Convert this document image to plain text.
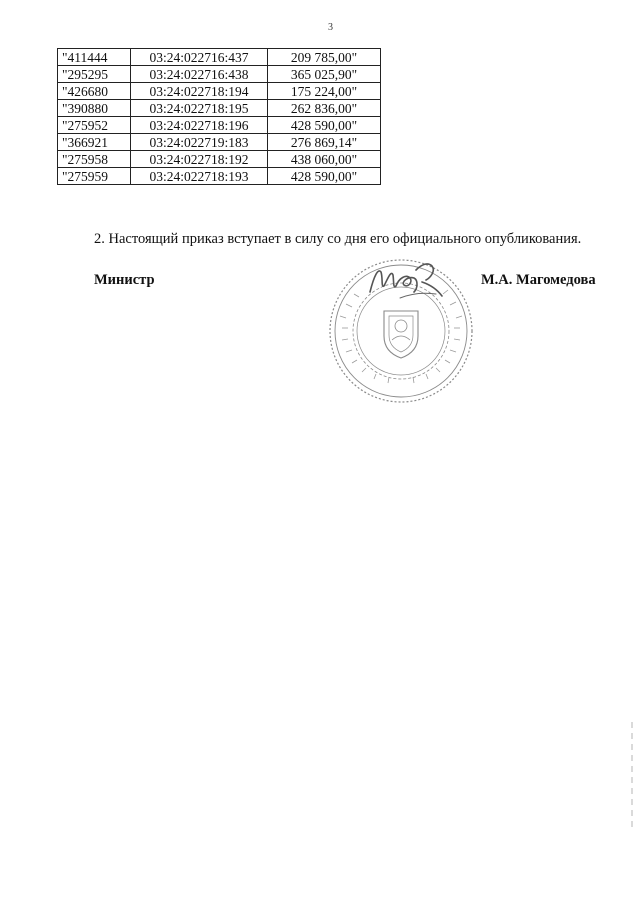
3
"411444	03:24:022716:437	209 785,00"
"295295	03:24:022716:438	365 025,90"
"426680	03:24:022718:194	175 224,00"
"390880	03:24:022718:195	262 836,00"
"275952	03:24:022718:196	428 590,00"
"366921	03:24:022719:183	276 869,14"
"275958	03:24:022718:192	438 060,00"
"275959	03:24:022718:193	428 590,00"
2. Настоящий приказ вступает в силу со дня его официального опубликования.
Министр	М.А. Магомедова
